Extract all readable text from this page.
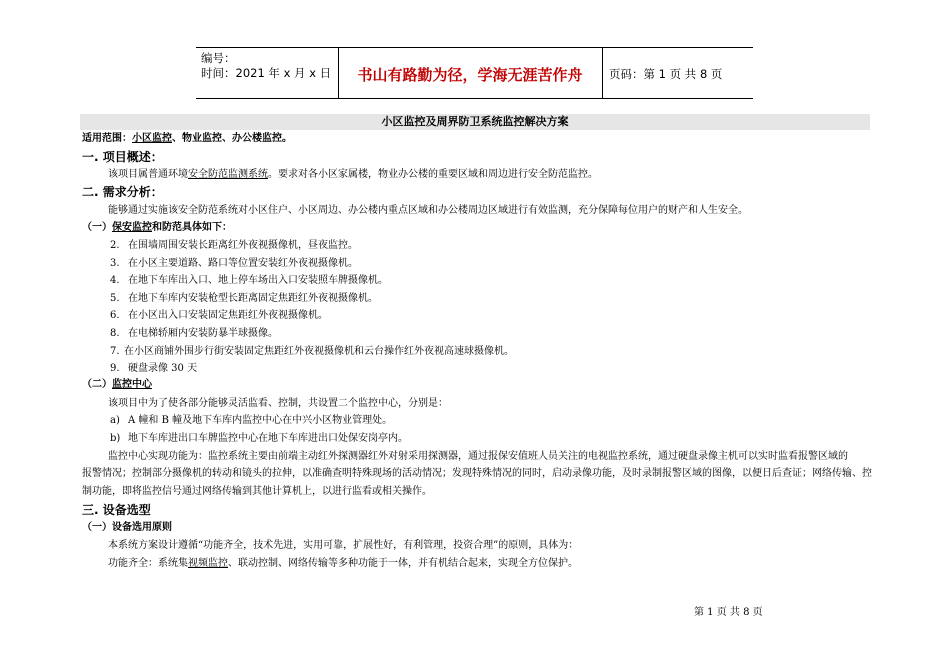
编号：
时间：2021 年 x 月 x 日	书山有路勤为径，学海无涯苦作舟	页码：第 1 页 共 8 页
小区监控及周界防卫系统监控解决方案
适用范围：小区监控、物业监控、办公楼监控。
一. 项目概述：
该项目属普通环境安全防范监测系统。要求对各小区家属楼，物业办公楼的重要区域和周边进行安全防范监控。
二. 需求分析：
能够通过实施该安全防范系统对小区住户、小区周边、办公楼内重点区域和办公楼周边区域进行有效监测，充分保障每位用户的财产和人生安全。
（一）保安监控和防范具体如下：
2. 在围墙周围安装长距离红外夜视摄像机，昼夜监控。
3. 在小区主要道路、路口等位置安装红外夜视摄像机。
4. 在地下车库出入口、地上停车场出入口安装照车牌摄像机。
5. 在地下车库内安装枪型长距离固定焦距红外夜视摄像机。
6. 在小区出入口安装固定焦距红外夜视摄像机。
8. 在电梯轿厢内安装防暴半球摄像。
7. 在小区商铺外围步行街安装固定焦距红外夜视摄像机和云台操作红外夜视高速球摄像机。
9. 硬盘录像 30 天
（二）监控中心
该项目中为了使各部分能够灵活监看、控制，共设置二个监控中心，分别是：
a) A 幢和 B 幢及地下车库内监控中心在中兴小区物业管理处。
b) 地下车库进出口车牌监控中心在地下车库进出口处保安岗亭内。
监控中心实现功能为：监控系统主要由前端主动红外探测器红外对射采用探测器，通过报保安值班人员关注的电视监控系统，通过硬盘录像主机可以实时监看报警区域的
报警情况；控制部分摄像机的转动和镜头的拉伸，以准确查明特殊现场的活动情况；发现特殊情况的同时，启动录像功能，及时录制报警区域的图像，以便日后查证；网络传输、控
制功能，即将监控信号通过网络传输到其他计算机上，以进行监看或相关操作。
三. 设备选型
（一）设备选用原则
本系统方案设计遵循“功能齐全，技术先进，实用可靠，扩展性好，有利管理，投资合理”的原则，具体为：
功能齐全：系统集视频监控、联动控制、网络传输等多种功能于一体，并有机结合起来，实现全方位保护。
第 1 页 共 8 页
